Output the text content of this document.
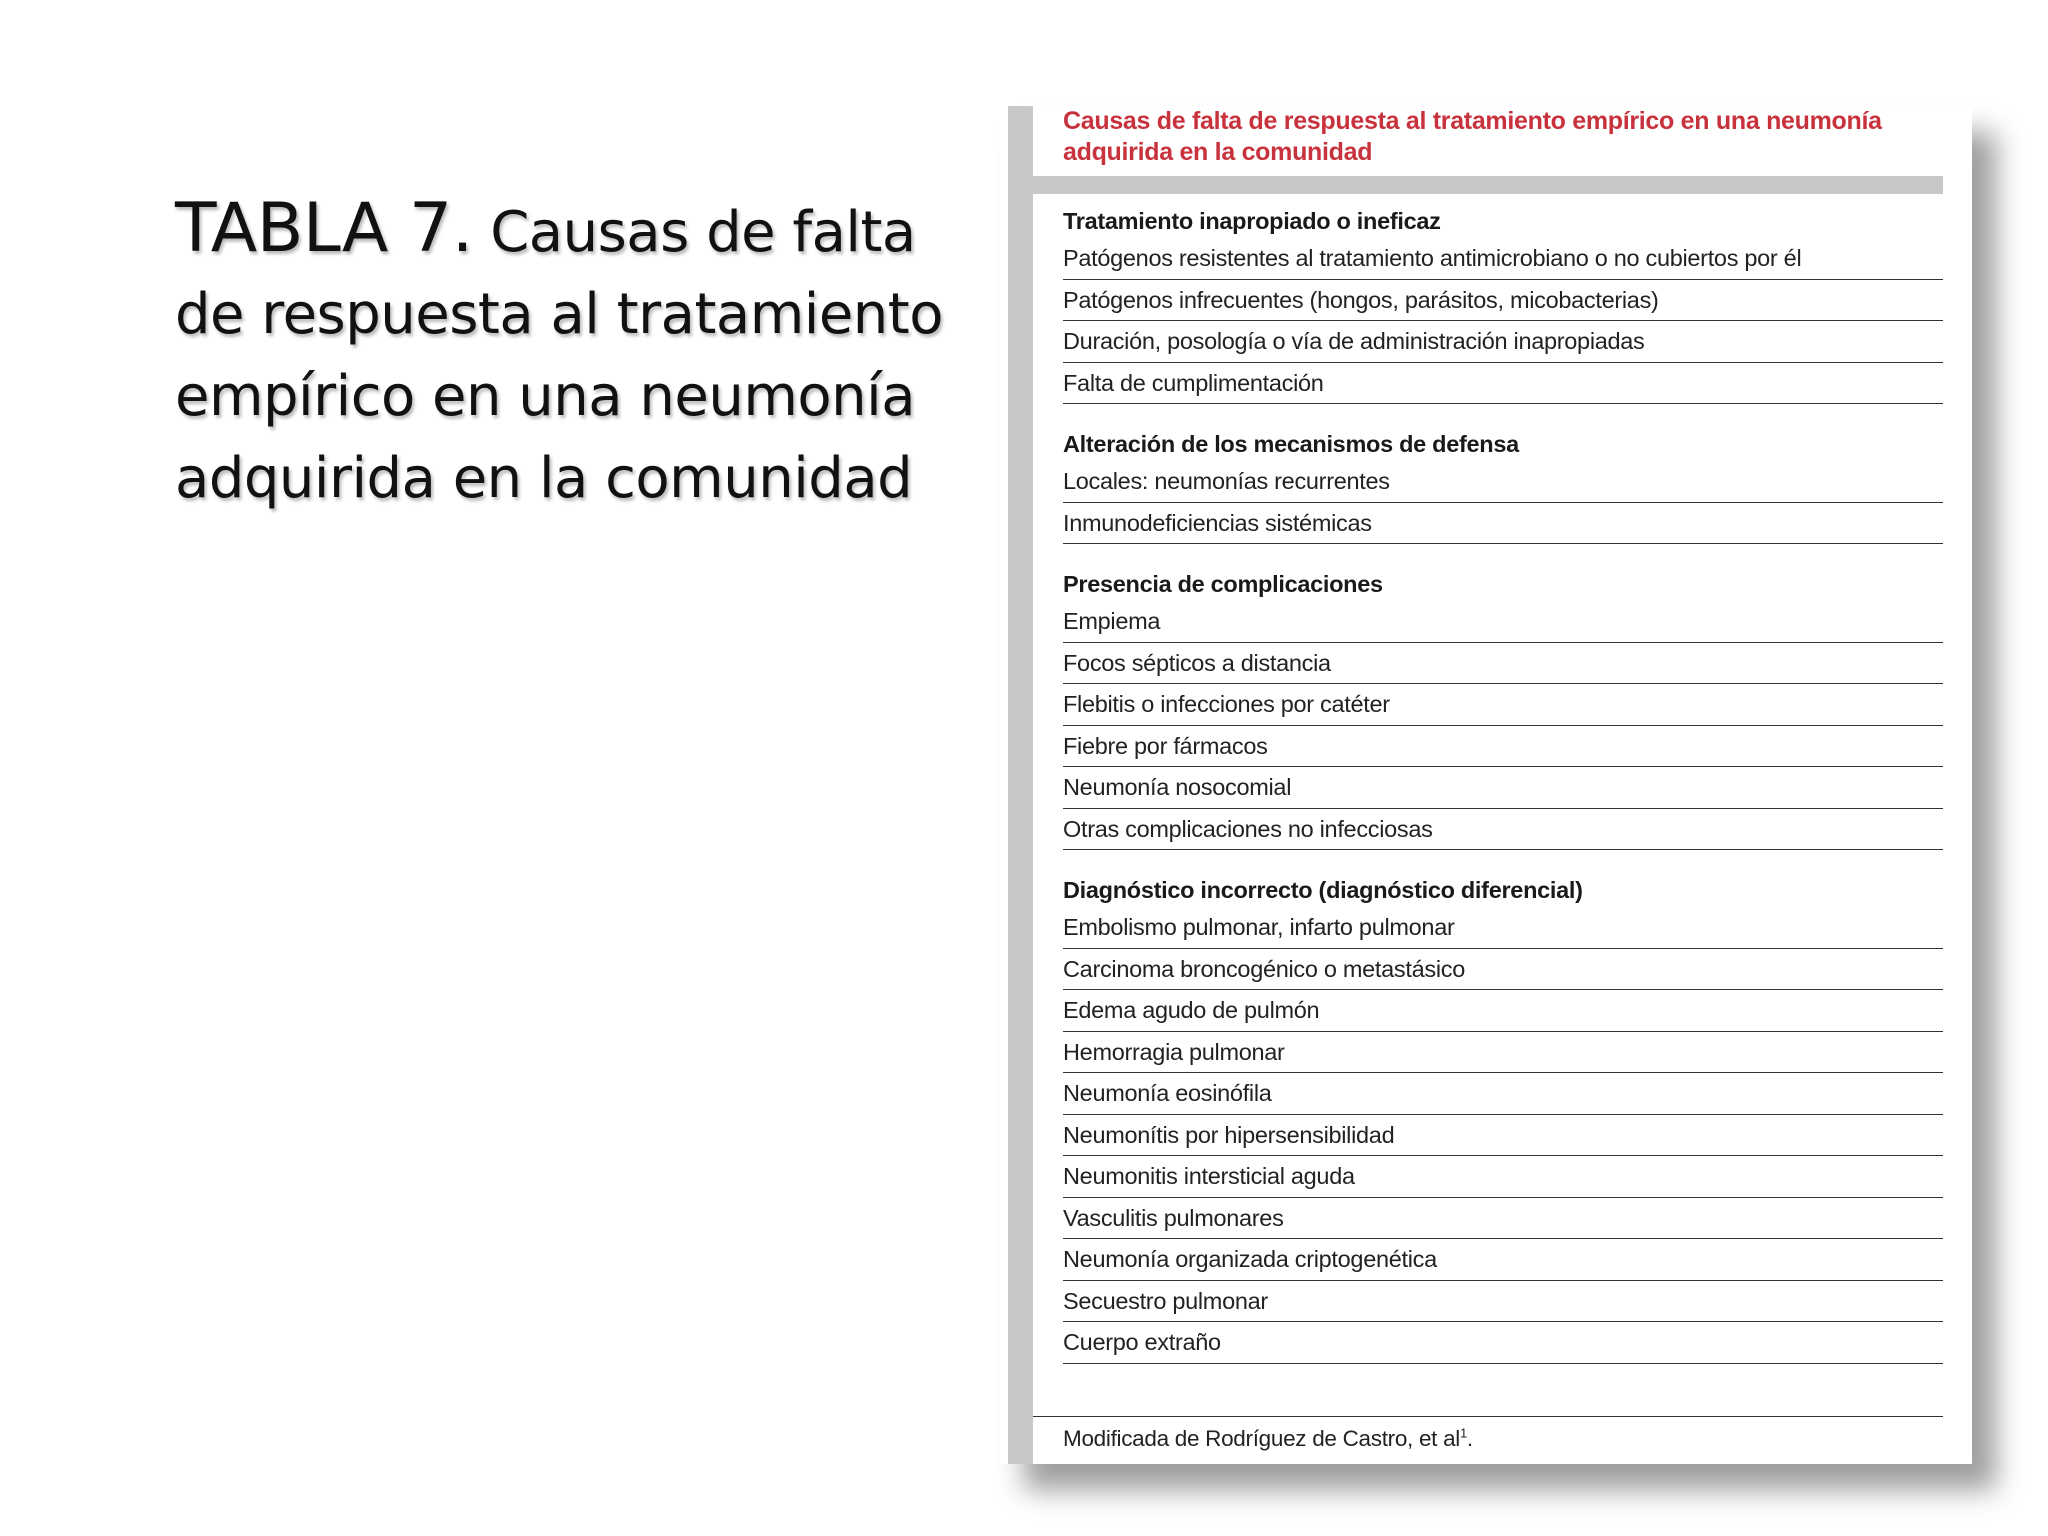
TABLA 7. Causas de falta de respuesta al tratamiento empírico en una neumonía adquirida en la comunidad
Causas de falta de respuesta al tratamiento empírico en una neumonía adquirida en la comunidad
Tratamiento inapropiado o ineficaz
Patógenos resistentes al tratamiento antimicrobiano o no cubiertos por él
Patógenos infrecuentes (hongos, parásitos, micobacterias)
Duración, posología o vía de administración inapropiadas
Falta de cumplimentación
Alteración de los mecanismos de defensa
Locales: neumonías recurrentes
Inmunodeficiencias sistémicas
Presencia de complicaciones
Empiema
Focos sépticos a distancia
Flebitis o infecciones por catéter
Fiebre por fármacos
Neumonía nosocomial
Otras complicaciones no infecciosas
Diagnóstico incorrecto (diagnóstico diferencial)
Embolismo pulmonar, infarto pulmonar
Carcinoma broncogénico o metastásico
Edema agudo de pulmón
Hemorragia pulmonar
Neumonía eosinófila
Neumonítis por hipersensibilidad
Neumonitis intersticial aguda
Vasculitis pulmonares
Neumonía organizada criptogenética
Secuestro pulmonar
Cuerpo extraño
Modificada de Rodríguez de Castro, et $al^1$.
